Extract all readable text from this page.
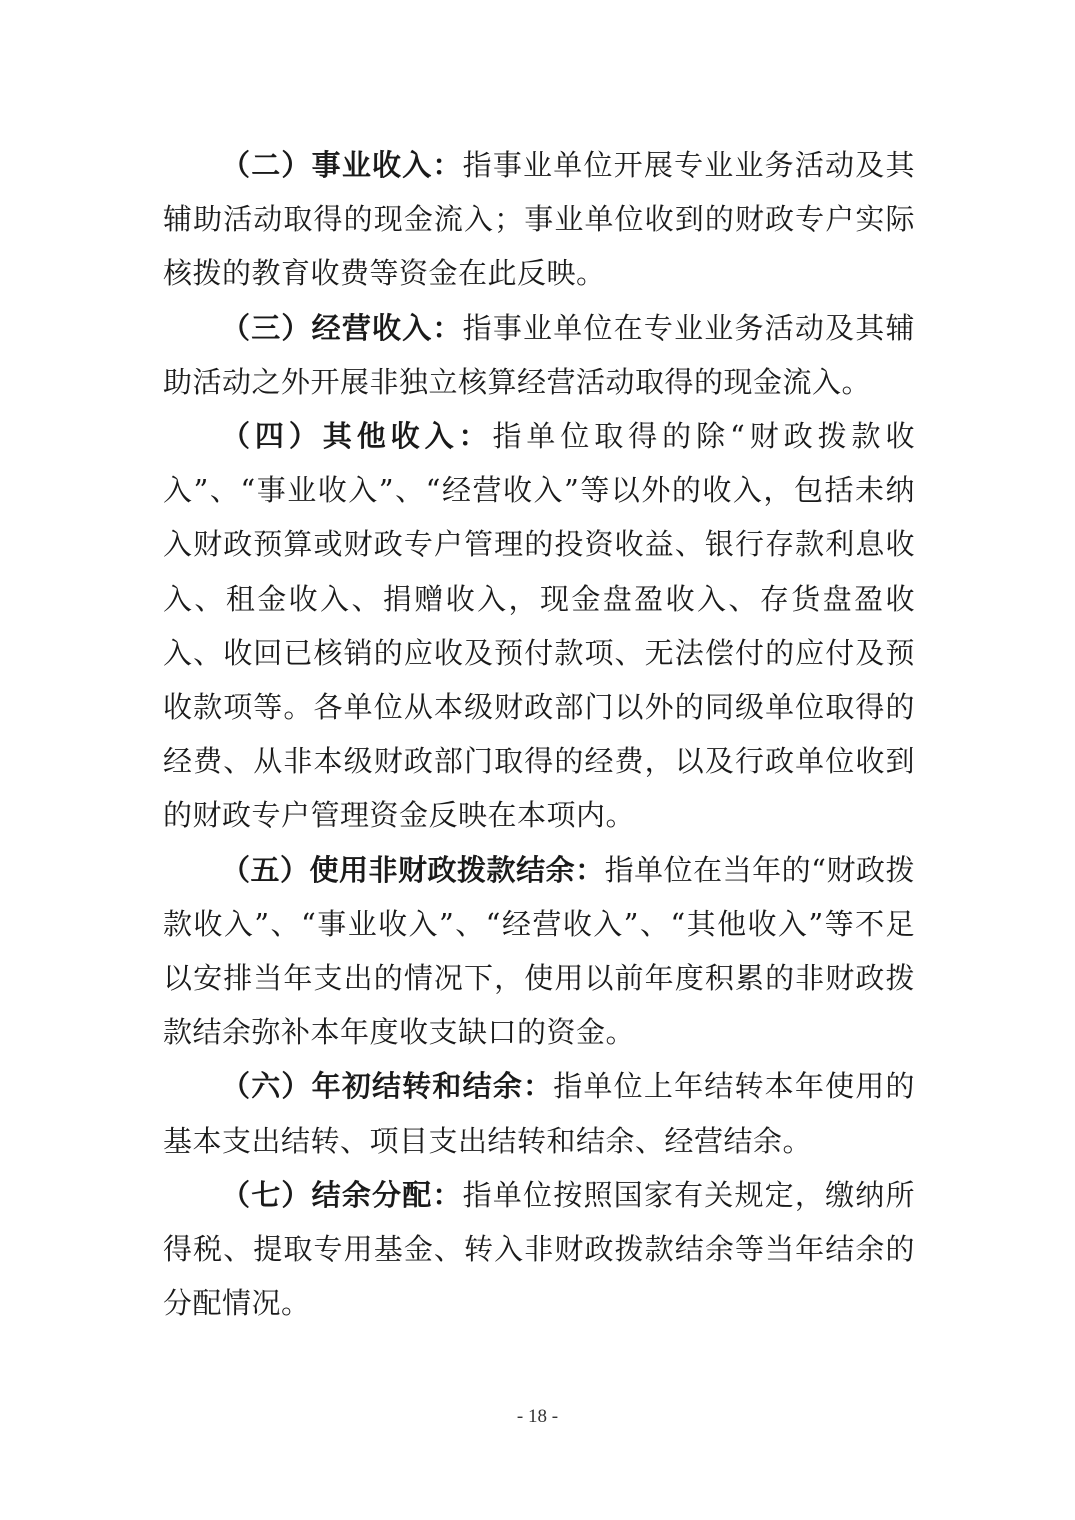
（二）事业收入：指事业单位开展专业业务活动及其辅助活动取得的现金流入；事业单位收到的财政专户实际核拨的教育收费等资金在此反映。

（三）经营收入：指事业单位在专业业务活动及其辅助活动之外开展非独立核算经营活动取得的现金流入。

（四）其他收入：指单位取得的除“财政拨款收入”、“事业收入”、“经营收入”等以外的收入，包括未纳入财政预算或财政专户管理的投资收益、银行存款利息收入、租金收入、捐赠收入，现金盘盈收入、存货盘盈收入、收回已核销的应收及预付款项、无法偿付的应付及预收款项等。各单位从本级财政部门以外的同级单位取得的经费、从非本级财政部门取得的经费，以及行政单位收到的财政专户管理资金反映在本项内。

（五）使用非财政拨款结余：指单位在当年的“财政拨款收入”、“事业收入”、“经营收入”、“其他收入”等不足以安排当年支出的情况下，使用以前年度积累的非财政拨款结余弥补本年度收支缺口的资金。

（六）年初结转和结余：指单位上年结转本年使用的基本支出结转、项目支出结转和结余、经营结余。

（七）结余分配：指单位按照国家有关规定，缴纳所得税、提取专用基金、转入非财政拨款结余等当年结余的分配情况。

- 18 -
